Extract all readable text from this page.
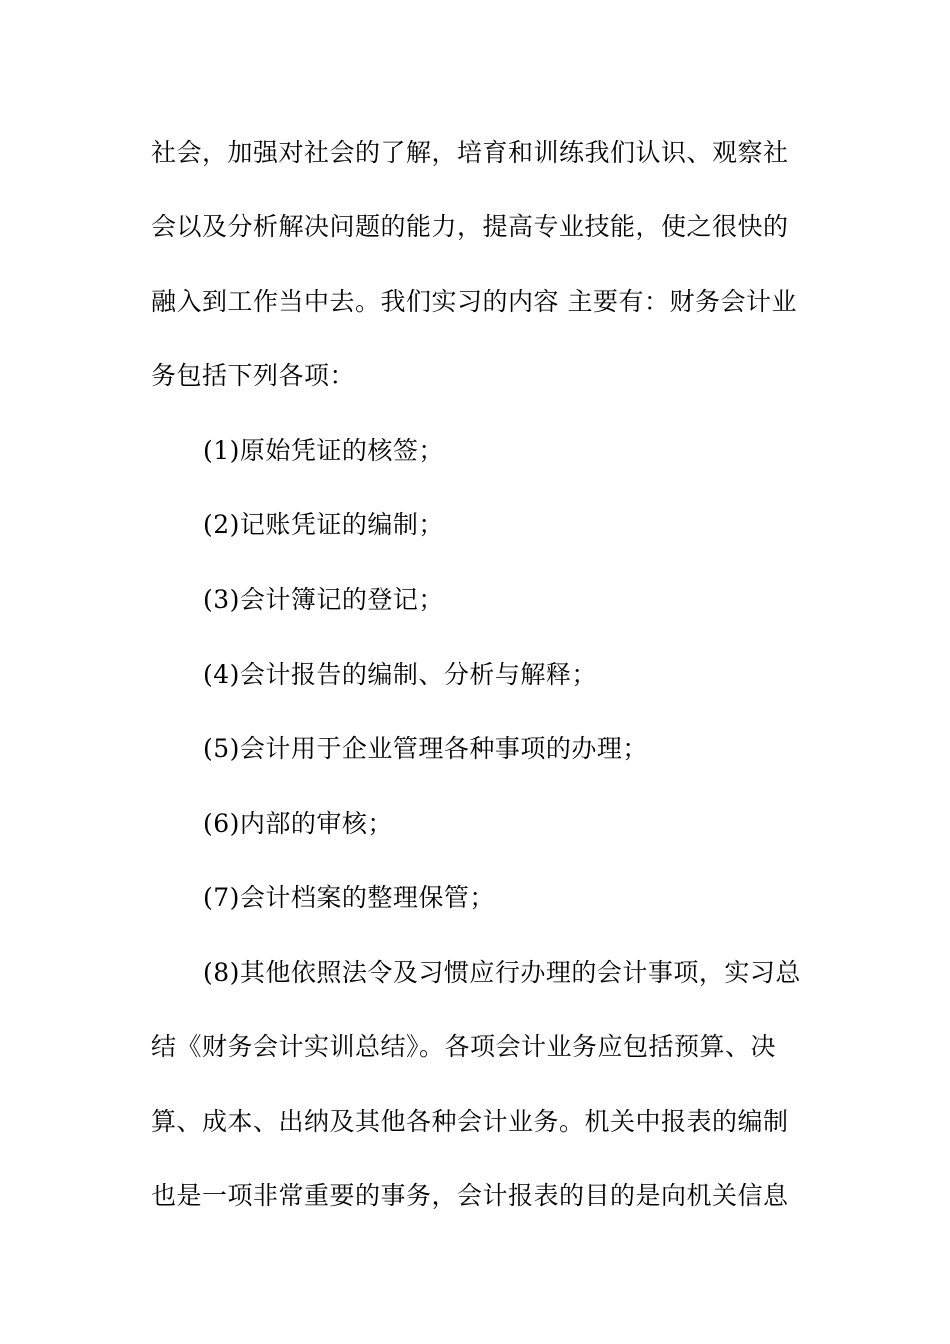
社会，加强对社会的了解，培育和训练我们认识、观察社
会以及分析解决问题的能力，提高专业技能，使之很快的
融入到工作当中去。我们实习的内容 主要有：财务会计业
务包括下列各项：
(1)原始凭证的核签；
(2)记账凭证的编制；
(3)会计簿记的登记；
(4)会计报告的编制、分析与解释；
(5)会计用于企业管理各种事项的办理；
(6)内部的审核；
(7)会计档案的整理保管；
(8)其他依照法令及习惯应行办理的会计事项，实习总
结《财务会计实训总结》。各项会计业务应包括预算、决
算、成本、出纳及其他各种会计业务。机关中报表的编制
也是一项非常重要的事务，会计报表的目的是向机关信息
